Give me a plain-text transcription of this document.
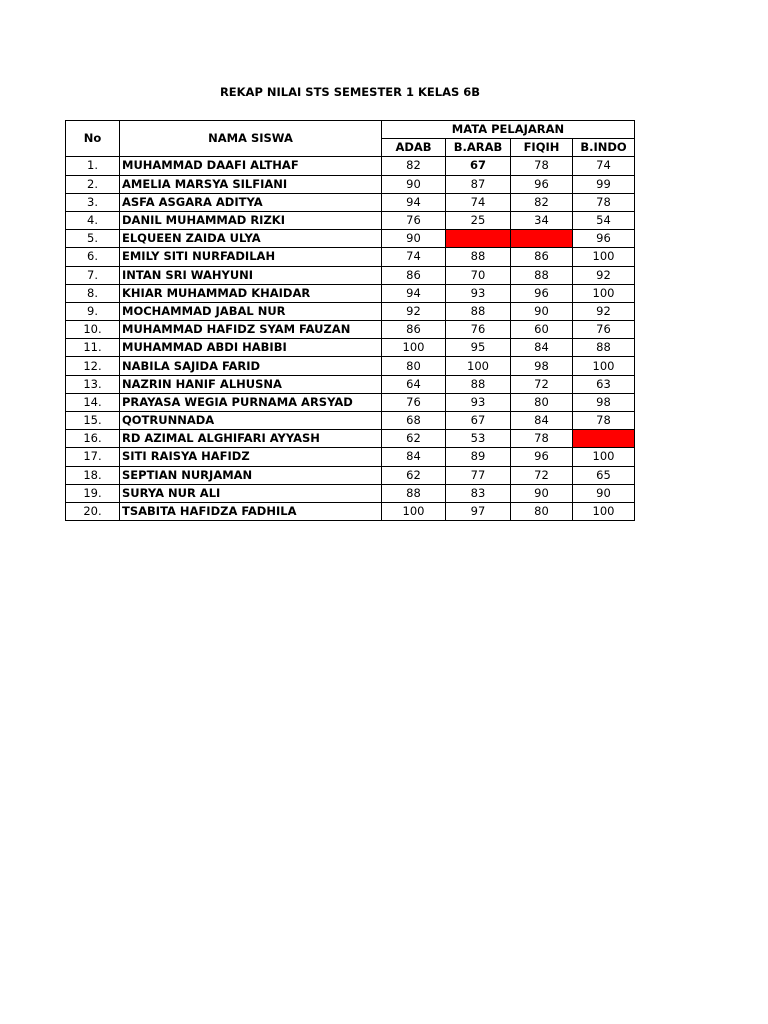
REKAP NILAI STS SEMESTER 1 KELAS 6B
No	NAMA SISWA	MATA PELAJARAN			
		ADAB	B.ARAB	FIQIH	B.INDO
1.	MUHAMMAD DAAFI ALTHAF	82	67	78	74
2.	AMELIA MARSYA SILFIANI	90	87	96	99
3.	ASFA ASGARA ADITYA	94	74	82	78
4.	DANIL MUHAMMAD RIZKI	76	25	34	54
5.	ELQUEEN ZAIDA ULYA	90			96
6.	EMILY SITI NURFADILAH	74	88	86	100
7.	INTAN SRI WAHYUNI	86	70	88	92
8.	KHIAR MUHAMMAD KHAIDAR	94	93	96	100
9.	MOCHAMMAD JABAL NUR	92	88	90	92
10.	MUHAMMAD HAFIDZ SYAM FAUZAN	86	76	60	76
11.	MUHAMMAD ABDI HABIBI	100	95	84	88
12.	NABILA SAJIDA FARID	80	100	98	100
13.	NAZRIN HANIF ALHUSNA	64	88	72	63
14.	PRAYASA WEGIA PURNAMA ARSYAD	76	93	80	98
15.	QOTRUNNADA	68	67	84	78
16.	RD AZIMAL ALGHIFARI AYYASH	62	53	78	
17.	SITI RAISYA HAFIDZ	84	89	96	100
18.	SEPTIAN NURJAMAN	62	77	72	65
19.	SURYA NUR ALI	88	83	90	90
20.	TSABITA HAFIDZA FADHILA	100	97	80	100
